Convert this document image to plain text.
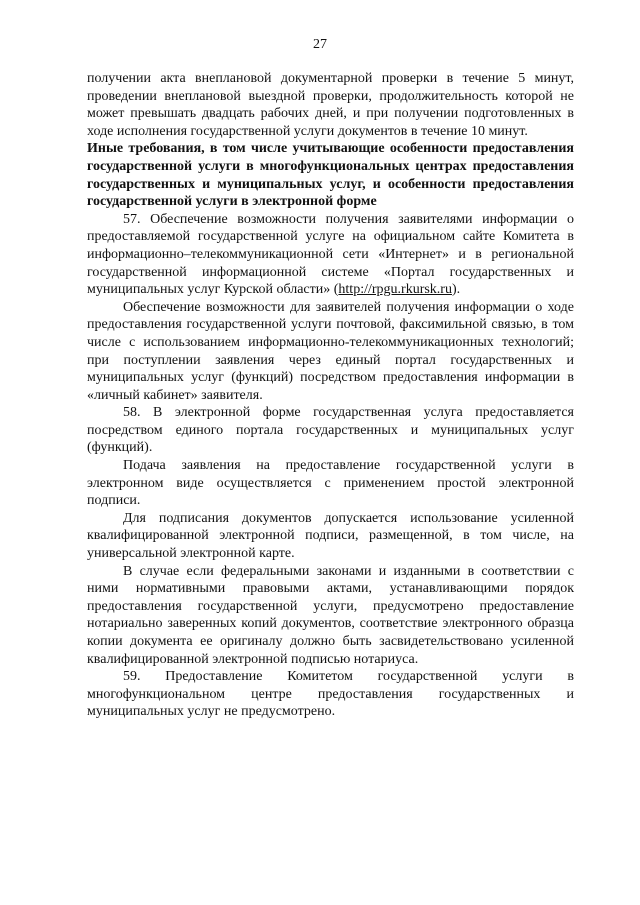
27

получении акта внеплановой документарной проверки в течение 5 минут, проведении внеплановой выездной проверки, продолжительность которой не может превышать двадцать рабочих дней, и при получении подготовленных в ходе исполнения государственной услуги документов в течение 10 минут.

Иные требования, в том числе учитывающие особенности предоставления государственной услуги в многофункциональных центрах предоставления государственных и муниципальных услуг, и особенности предоставления государственной услуги в электронной форме

57. Обеспечение возможности получения заявителями информации о предоставляемой государственной услуге на официальном сайте Комитета в информационно–телекоммуникационной сети «Интернет» и в региональной государственной информационной системе «Портал государственных и муниципальных услуг Курской области» (http://rpgu.rkursk.ru).

Обеспечение возможности для заявителей получения информации о ходе предоставления государственной услуги почтовой, факсимильной связью, в том числе с использованием информационно-телекоммуникационных технологий; при поступлении заявления через единый портал государственных и муниципальных услуг (функций) посредством предоставления информации в «личный кабинет» заявителя.

58. В электронной форме государственная услуга предоставляется посредством единого портала государственных и муниципальных услуг (функций).

Подача заявления на предоставление государственной услуги в электронном виде осуществляется с применением простой электронной подписи.

Для подписания документов допускается использование усиленной квалифицированной электронной подписи, размещенной, в том числе, на универсальной электронной карте.

В случае если федеральными законами и изданными в соответствии с ними нормативными правовыми актами, устанавливающими порядок предоставления государственной услуги, предусмотрено предоставление нотариально заверенных копий документов, соответствие электронного образца копии документа ее оригиналу должно быть засвидетельствовано усиленной квалифицированной электронной подписью нотариуса.

59. Предоставление Комитетом государственной услуги в многофункциональном центре предоставления государственных и муниципальных услуг не предусмотрено.
